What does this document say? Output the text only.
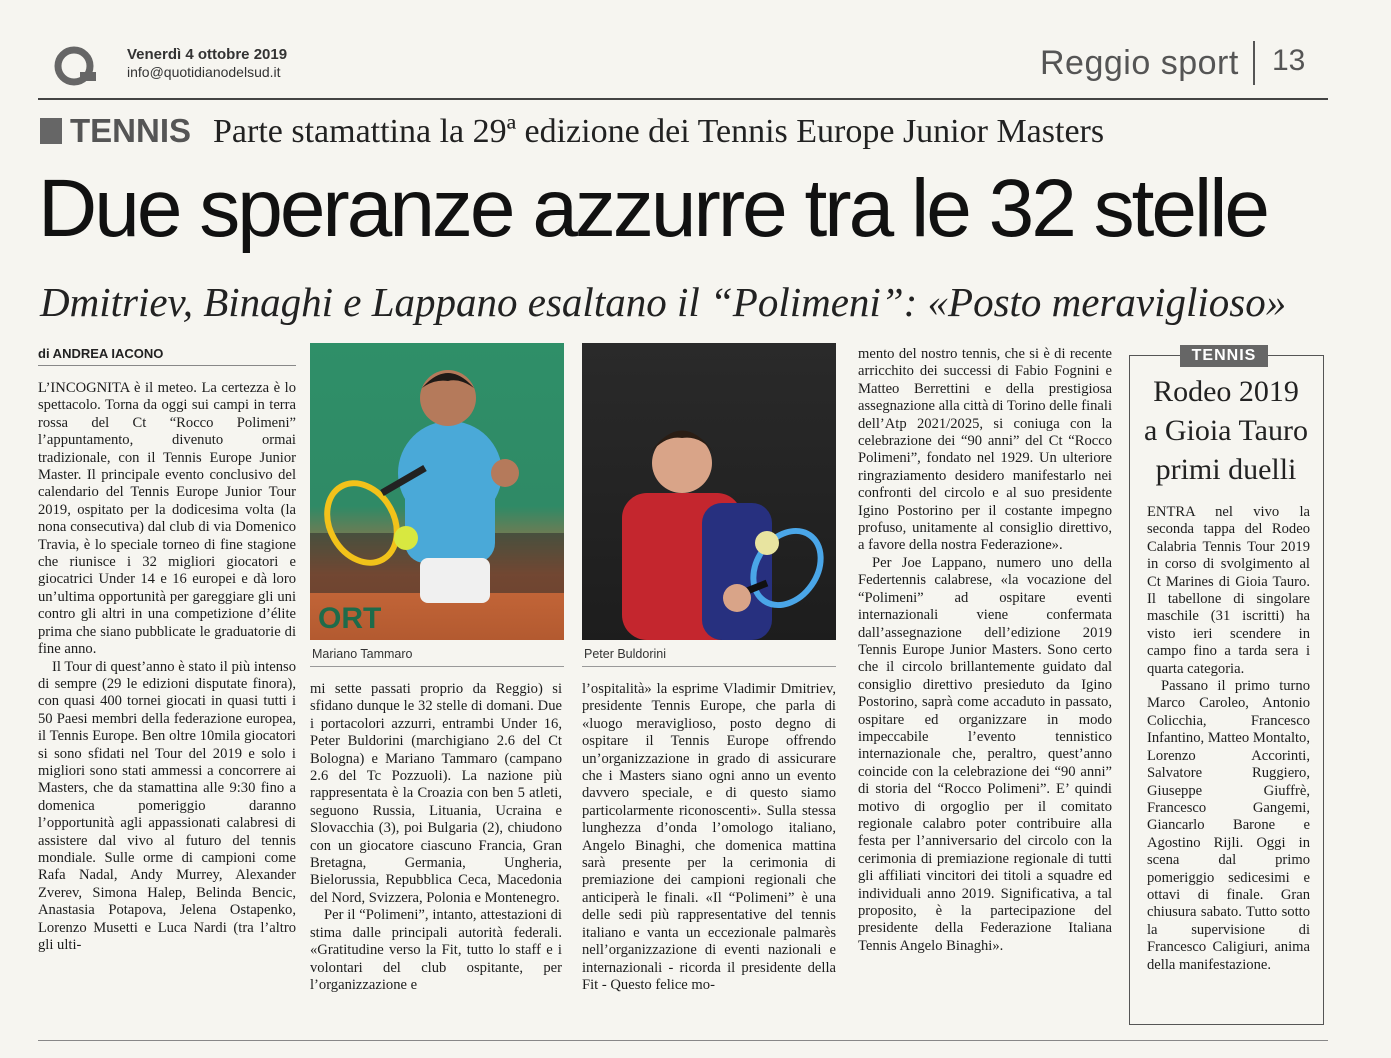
Venerdì 4 ottobre 2019
info@quotidianodelsud.it	Reggio sport 13
TENNIS Parte stamattina la 29ª edizione dei Tennis Europe Junior Masters
Due speranze azzurre tra le 32 stelle
Dmitriev, Binaghi e Lappano esaltano il “Polimeni”: «Posto meraviglioso»
di ANDREA IACONO

L’INCOGNITA è il meteo. La certezza è lo spettacolo. Torna da oggi sui campi in terra rossa del Ct “Rocco Polimeni” l’appuntamento, divenuto ormai tradizionale, con il Tennis Europe Junior Master. Il principale evento conclusivo del calendario del Tennis Europe Junior Tour 2019, ospitato per la dodicesima volta (la nona consecutiva) dal club di via Domenico Travia, è lo speciale torneo di fine stagione che riunisce i 32 migliori giocatori e giocatrici Under 14 e 16 europei e dà loro un’ultima opportunità per gareggiare gli uni contro gli altri in una competizione d’élite prima che siano pubblicate le graduatorie di fine anno.

Il Tour di quest’anno è stato il più intenso di sempre (29 le edizioni disputate finora), con quasi 400 tornei giocati in quasi tutti i 50 Paesi membri della federazione europea, il Tennis Europe. Ben oltre 10mila giocatori si sono sfidati nel Tour del 2019 e solo i migliori sono stati ammessi a concorrere ai Masters, che da stamattina alle 9:30 fino a domenica pomeriggio daranno l’opportunità agli appassionati calabresi di assistere dal vivo al futuro del tennis mondiale. Sulle orme di campioni come Rafa Nadal, Andy Murrey, Alexander Zverev, Simona Halep, Belinda Bencic, Anastasia Potapova, Jelena Ostapenko, Lorenzo Musetti e Luca Nardi (tra l’altro gli ulti-

ORT
Mariano Tammaro	Peter Buldorini

mi sette passati proprio da Reggio) si sfidano dunque le 32 stelle di domani. Due i portacolori azzurri, entrambi Under 16, Peter Buldorini (marchigiano 2.6 del Ct Bologna) e Mariano Tammaro (campano 2.6 del Tc Pozzuoli). La nazione più rappresentata è la Croazia con ben 5 atleti, seguono Russia, Lituania, Ucraina e Slovacchia (3), poi Bulgaria (2), chiudono con un giocatore ciascuno Francia, Gran Bretagna, Germania, Ungheria, Bielorussia, Repubblica Ceca, Macedonia del Nord, Svizzera, Polonia e Montenegro.

Per il “Polimeni”, intanto, attestazioni di stima dalle principali autorità federali. «Gratitudine verso la Fit, tutto lo staff e i volontari del club ospitante, per l’organizzazione e

l’ospitalità» la esprime Vladimir Dmitriev, presidente Tennis Europe, che parla di «luogo meraviglioso, posto degno di ospitare il Tennis Europe offrendo un’organizzazione in grado di assicurare che i Masters siano ogni anno un evento davvero speciale, e di questo siamo particolarmente riconoscenti». Sulla stessa lunghezza d’onda l’omologo italiano, Angelo Binaghi, che domenica mattina sarà presente per la cerimonia di premiazione dei campioni regionali che anticiperà le finali. «Il “Polimeni” è una delle sedi più rappresentative del tennis italiano e vanta un eccezionale palmarès nell’organizzazione di eventi nazionali e internazionali - ricorda il presidente della Fit - Questo felice mo-

mento del nostro tennis, che si è di recente arricchito dei successi di Fabio Fognini e Matteo Berrettini e della prestigiosa assegnazione alla città di Torino delle finali dell’Atp 2021/2025, si coniuga con la celebrazione dei “90 anni” del Ct “Rocco Polimeni”, fondato nel 1929. Un ulteriore ringraziamento desidero manifestarlo nei confronti del circolo e al suo presidente Igino Postorino per il costante impegno profuso, unitamente al consiglio direttivo, a favore della nostra Federazione».

Per Joe Lappano, numero uno della Federtennis calabrese, «la vocazione del “Polimeni” ad ospitare eventi internazionali viene confermata dall’assegnazione dell’edizione 2019 Tennis Europe Junior Masters. Sono certo che il circolo brillantemente guidato dal consiglio direttivo presieduto da Igino Postorino, saprà come accaduto in passato, ospitare ed organizzare in modo impeccabile l’evento tennistico internazionale che, peraltro, quest’anno coincide con la celebrazione dei “90 anni” di storia del “Rocco Polimeni”. E’ quindi motivo di orgoglio per il comitato regionale calabro poter contribuire alla festa per l’anniversario del circolo con la cerimonia di premiazione regionale di tutti gli affiliati vincitori dei titoli a squadre ed individuali anno 2019. Significativa, a tal proposito, è la partecipazione del presidente della Federazione Italiana Tennis Angelo Binaghi».

TENNIS
Rodeo 2019
a Gioia Tauro
primi duelli

ENTRA nel vivo la seconda tappa del Rodeo Calabria Tennis Tour 2019 in corso di svolgimento al Ct Marines di Gioia Tauro. Il tabellone di singolare maschile (31 iscritti) ha visto ieri scendere in campo fino a tarda sera i quarta categoria.

Passano il primo turno Marco Caroleo, Antonio Colicchia, Francesco Infantino, Matteo Montalto, Lorenzo Accorinti, Salvatore Ruggiero, Giuseppe Giuffrè, Francesco Gangemi, Giancarlo Barone e Agostino Rijli. Oggi in scena dal primo pomeriggio sedicesimi e ottavi di finale. Gran chiusura sabato. Tutto sotto la supervisione di Francesco Caligiuri, anima della manifestazione.
